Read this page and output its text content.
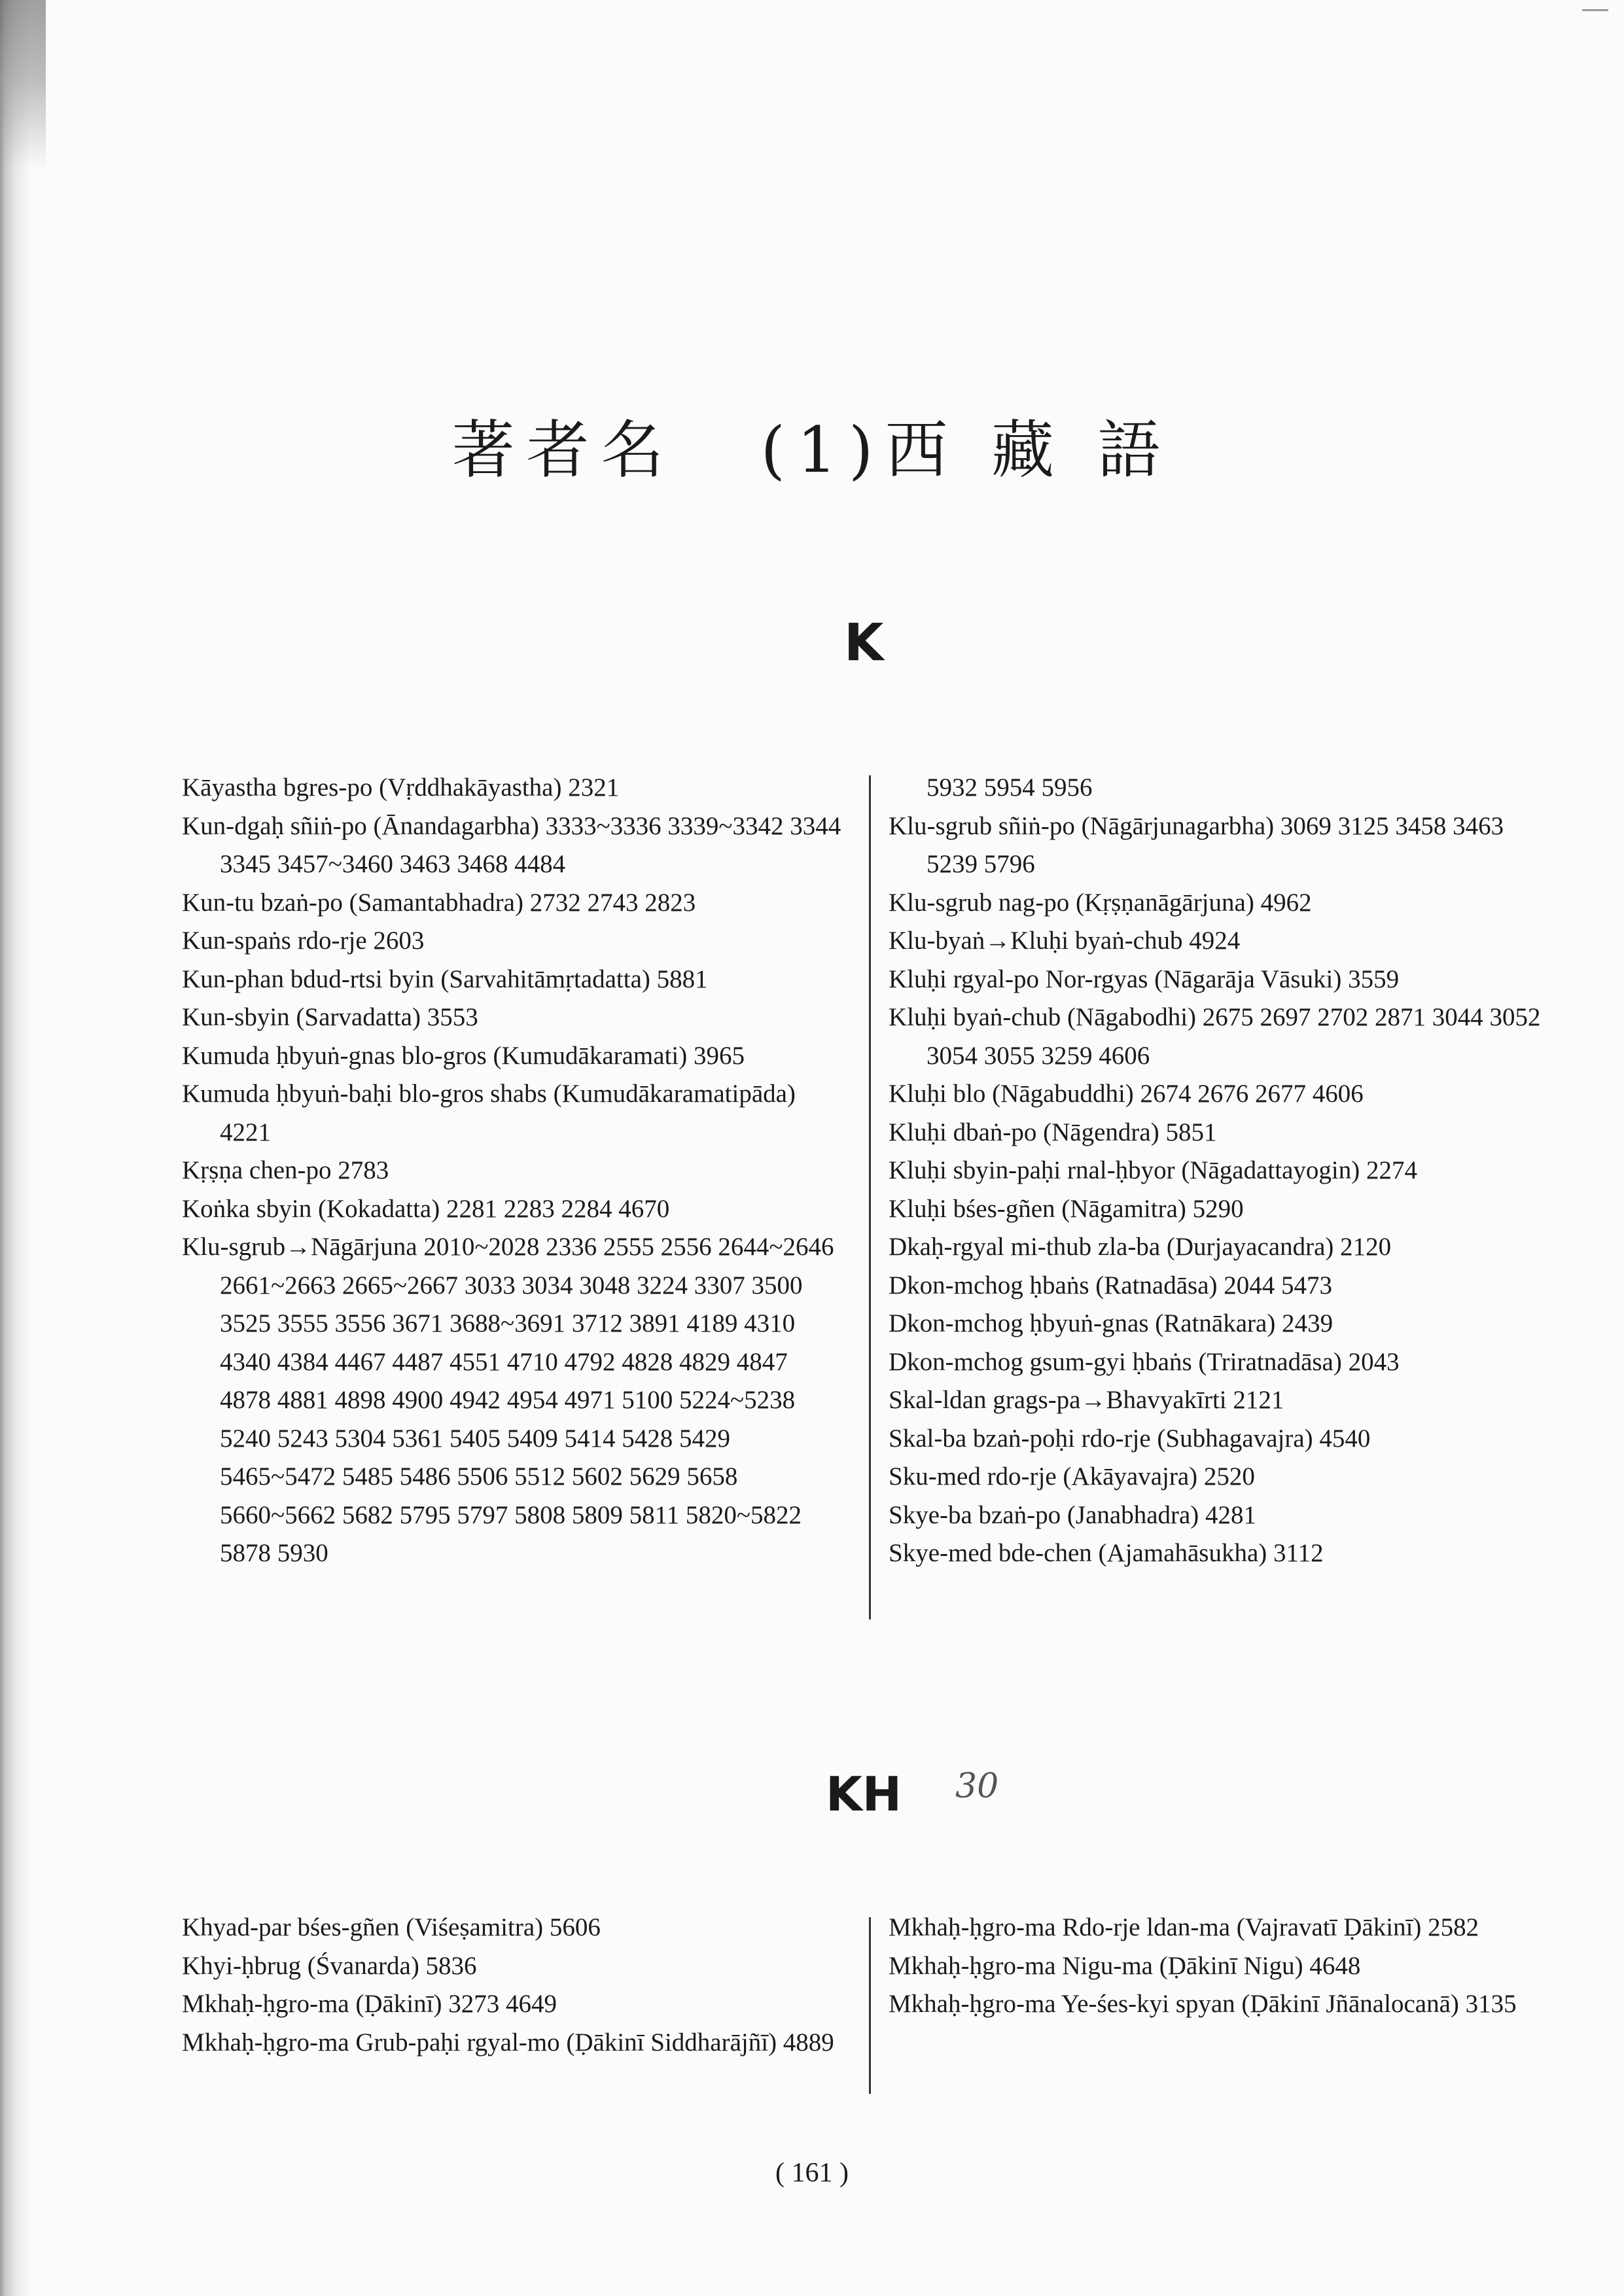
著者名 (1)西 藏 語
K
Kāyastha bgres-po (Vṛddhakāyastha) 2321
Kun-dgaḥ sñiṅ-po (Ānandagarbha) 3333~3336 3339~3342 3344 3345 3457~3460 3463 3468 4484
Kun-tu bzaṅ-po (Samantabhadra) 2732 2743 2823
Kun-spaṅs rdo-rje 2603
Kun-phan bdud-rtsi byin (Sarvahitāmṛtadatta) 5881
Kun-sbyin (Sarvadatta) 3553
Kumuda ḥbyuṅ-gnas blo-gros (Kumudākaramati) 3965
Kumuda ḥbyuṅ-baḥi blo-gros shabs (Kumudākaramatipāda) 4221
Kṛṣṇa chen-po 2783
Koṅka sbyin (Kokadatta) 2281 2283 2284 4670
Klu-sgrub→Nāgārjuna 2010~2028 2336 2555 2556 2644~2646 2661~2663 2665~2667 3033 3034 3048 3224 3307 3500 3525 3555 3556 3671 3688~3691 3712 3891 4189 4310 4340 4384 4467 4487 4551 4710 4792 4828 4829 4847 4878 4881 4898 4900 4942 4954 4971 5100 5224~5238 5240 5243 5304 5361 5405 5409 5414 5428 5429 5465~5472 5485 5486 5506 5512 5602 5629 5658 5660~5662 5682 5795 5797 5808 5809 5811 5820~5822 5878 5930
5932 5954 5956
Klu-sgrub sñiṅ-po (Nāgārjunagarbha) 3069 3125 3458 3463 5239 5796
Klu-sgrub nag-po (Kṛṣṇanāgārjuna) 4962
Klu-byaṅ→Kluḥi byaṅ-chub 4924
Kluḥi rgyal-po Nor-rgyas (Nāgarāja Vāsuki) 3559
Kluḥi byaṅ-chub (Nāgabodhi) 2675 2697 2702 2871 3044 3052 3054 3055 3259 4606
Kluḥi blo (Nāgabuddhi) 2674 2676 2677 4606
Kluḥi dbaṅ-po (Nāgendra) 5851
Kluḥi sbyin-paḥi rnal-ḥbyor (Nāgadattayogin) 2274
Kluḥi bśes-gñen (Nāgamitra) 5290
Dkaḥ-rgyal mi-thub zla-ba (Durjayacandra) 2120
Dkon-mchog ḥbaṅs (Ratnadāsa) 2044 5473
Dkon-mchog ḥbyuṅ-gnas (Ratnākara) 2439
Dkon-mchog gsum-gyi ḥbaṅs (Triratnadāsa) 2043
Skal-ldan grags-pa→Bhavyakīrti 2121
Skal-ba bzaṅ-poḥi rdo-rje (Subhagavajra) 4540
Sku-med rdo-rje (Akāyavajra) 2520
Skye-ba bzaṅ-po (Janabhadra) 4281
Skye-med bde-chen (Ajamahāsukha) 3112
KH 30
Khyad-par bśes-gñen (Viśeṣamitra) 5606
Khyi-ḥbrug (Śvanarda) 5836
Mkhaḥ-ḥgro-ma (Ḍākinī) 3273 4649
Mkhaḥ-ḥgro-ma Grub-paḥi rgyal-mo (Ḍākinī Siddharājñī) 4889
Mkhaḥ-ḥgro-ma Rdo-rje ldan-ma (Vajravatī Ḍākinī) 2582
Mkhaḥ-ḥgro-ma Nigu-ma (Ḍākinī Nigu) 4648
Mkhaḥ-ḥgro-ma Ye-śes-kyi spyan (Ḍākinī Jñānalocanā) 3135
( 161 )
